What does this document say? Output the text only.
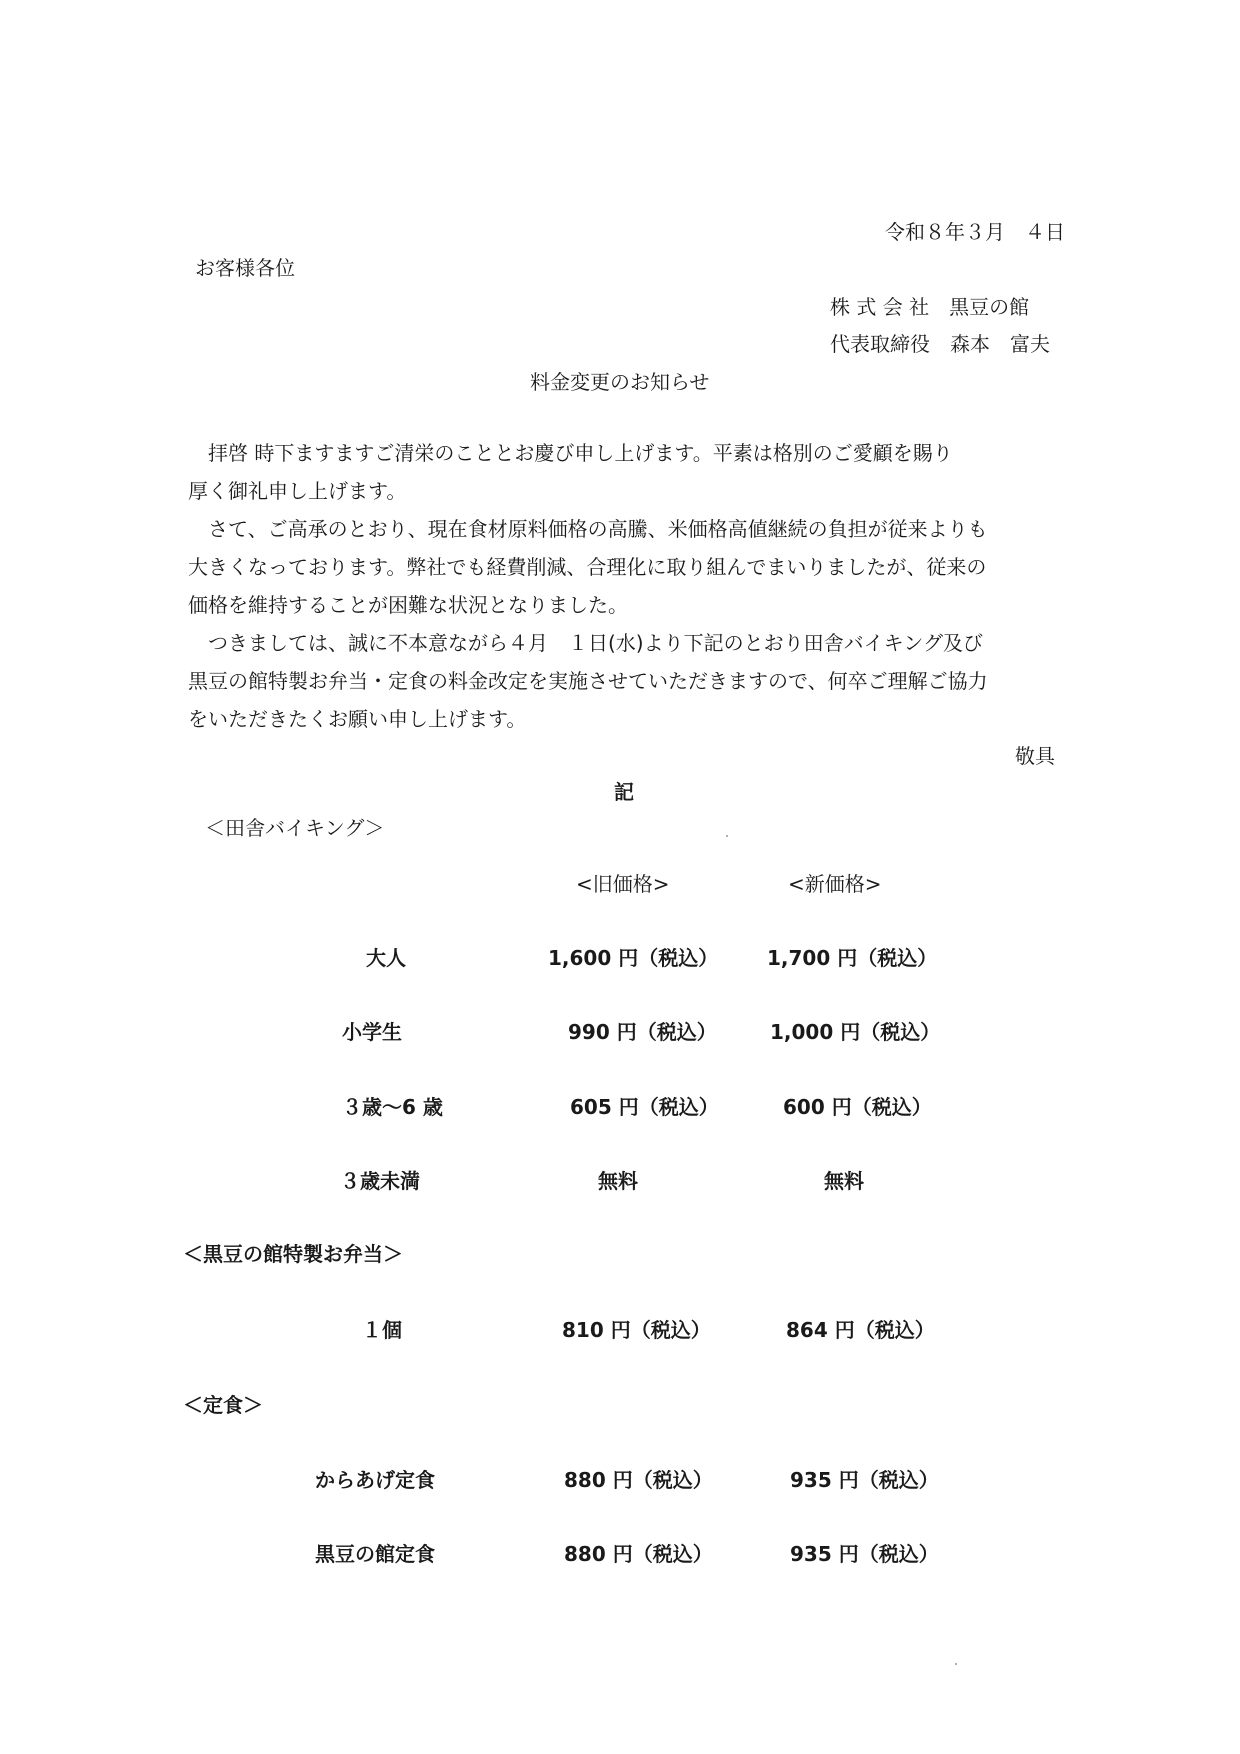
令和８年３月　４日
お客様各位
株 式 会 社　黒豆の館
代表取締役　森本　富夫
料金変更のお知らせ

　拝啓 時下ますますご清栄のこととお慶び申し上げます。平素は格別のご愛顧を賜り

厚く御礼申し上げます。

　さて、ご高承のとおり、現在食材原料価格の高騰、米価格高値継続の負担が従来よりも

大きくなっております。弊社でも経費削減、合理化に取り組んでまいりましたが、従来の

価格を維持することが困難な状況となりました。

　つきましては、誠に不本意ながら４月　１日(水)より下記のとおり田舎バイキング及び

黒豆の館特製お弁当・定食の料金改定を実施させていただきますので、何卒ご理解ご協力

をいただきたくお願い申し上げます。

敬具
記
＜田舎バイキング＞
<旧価格>	<新価格>
大人	1,600 円（税込） 1,700 円（税込）
小学生	990 円（税込）	1,000 円（税込）
３歳〜6 歳	605 円（税込）	600 円（税込）
３歳未満	無料	無料
＜黒豆の館特製お弁当＞
１個	810 円（税込）	864 円（税込）
＜定食＞
からあげ定食	880 円（税込）	935 円（税込）
黒豆の館定食	880 円（税込）	935 円（税込）
